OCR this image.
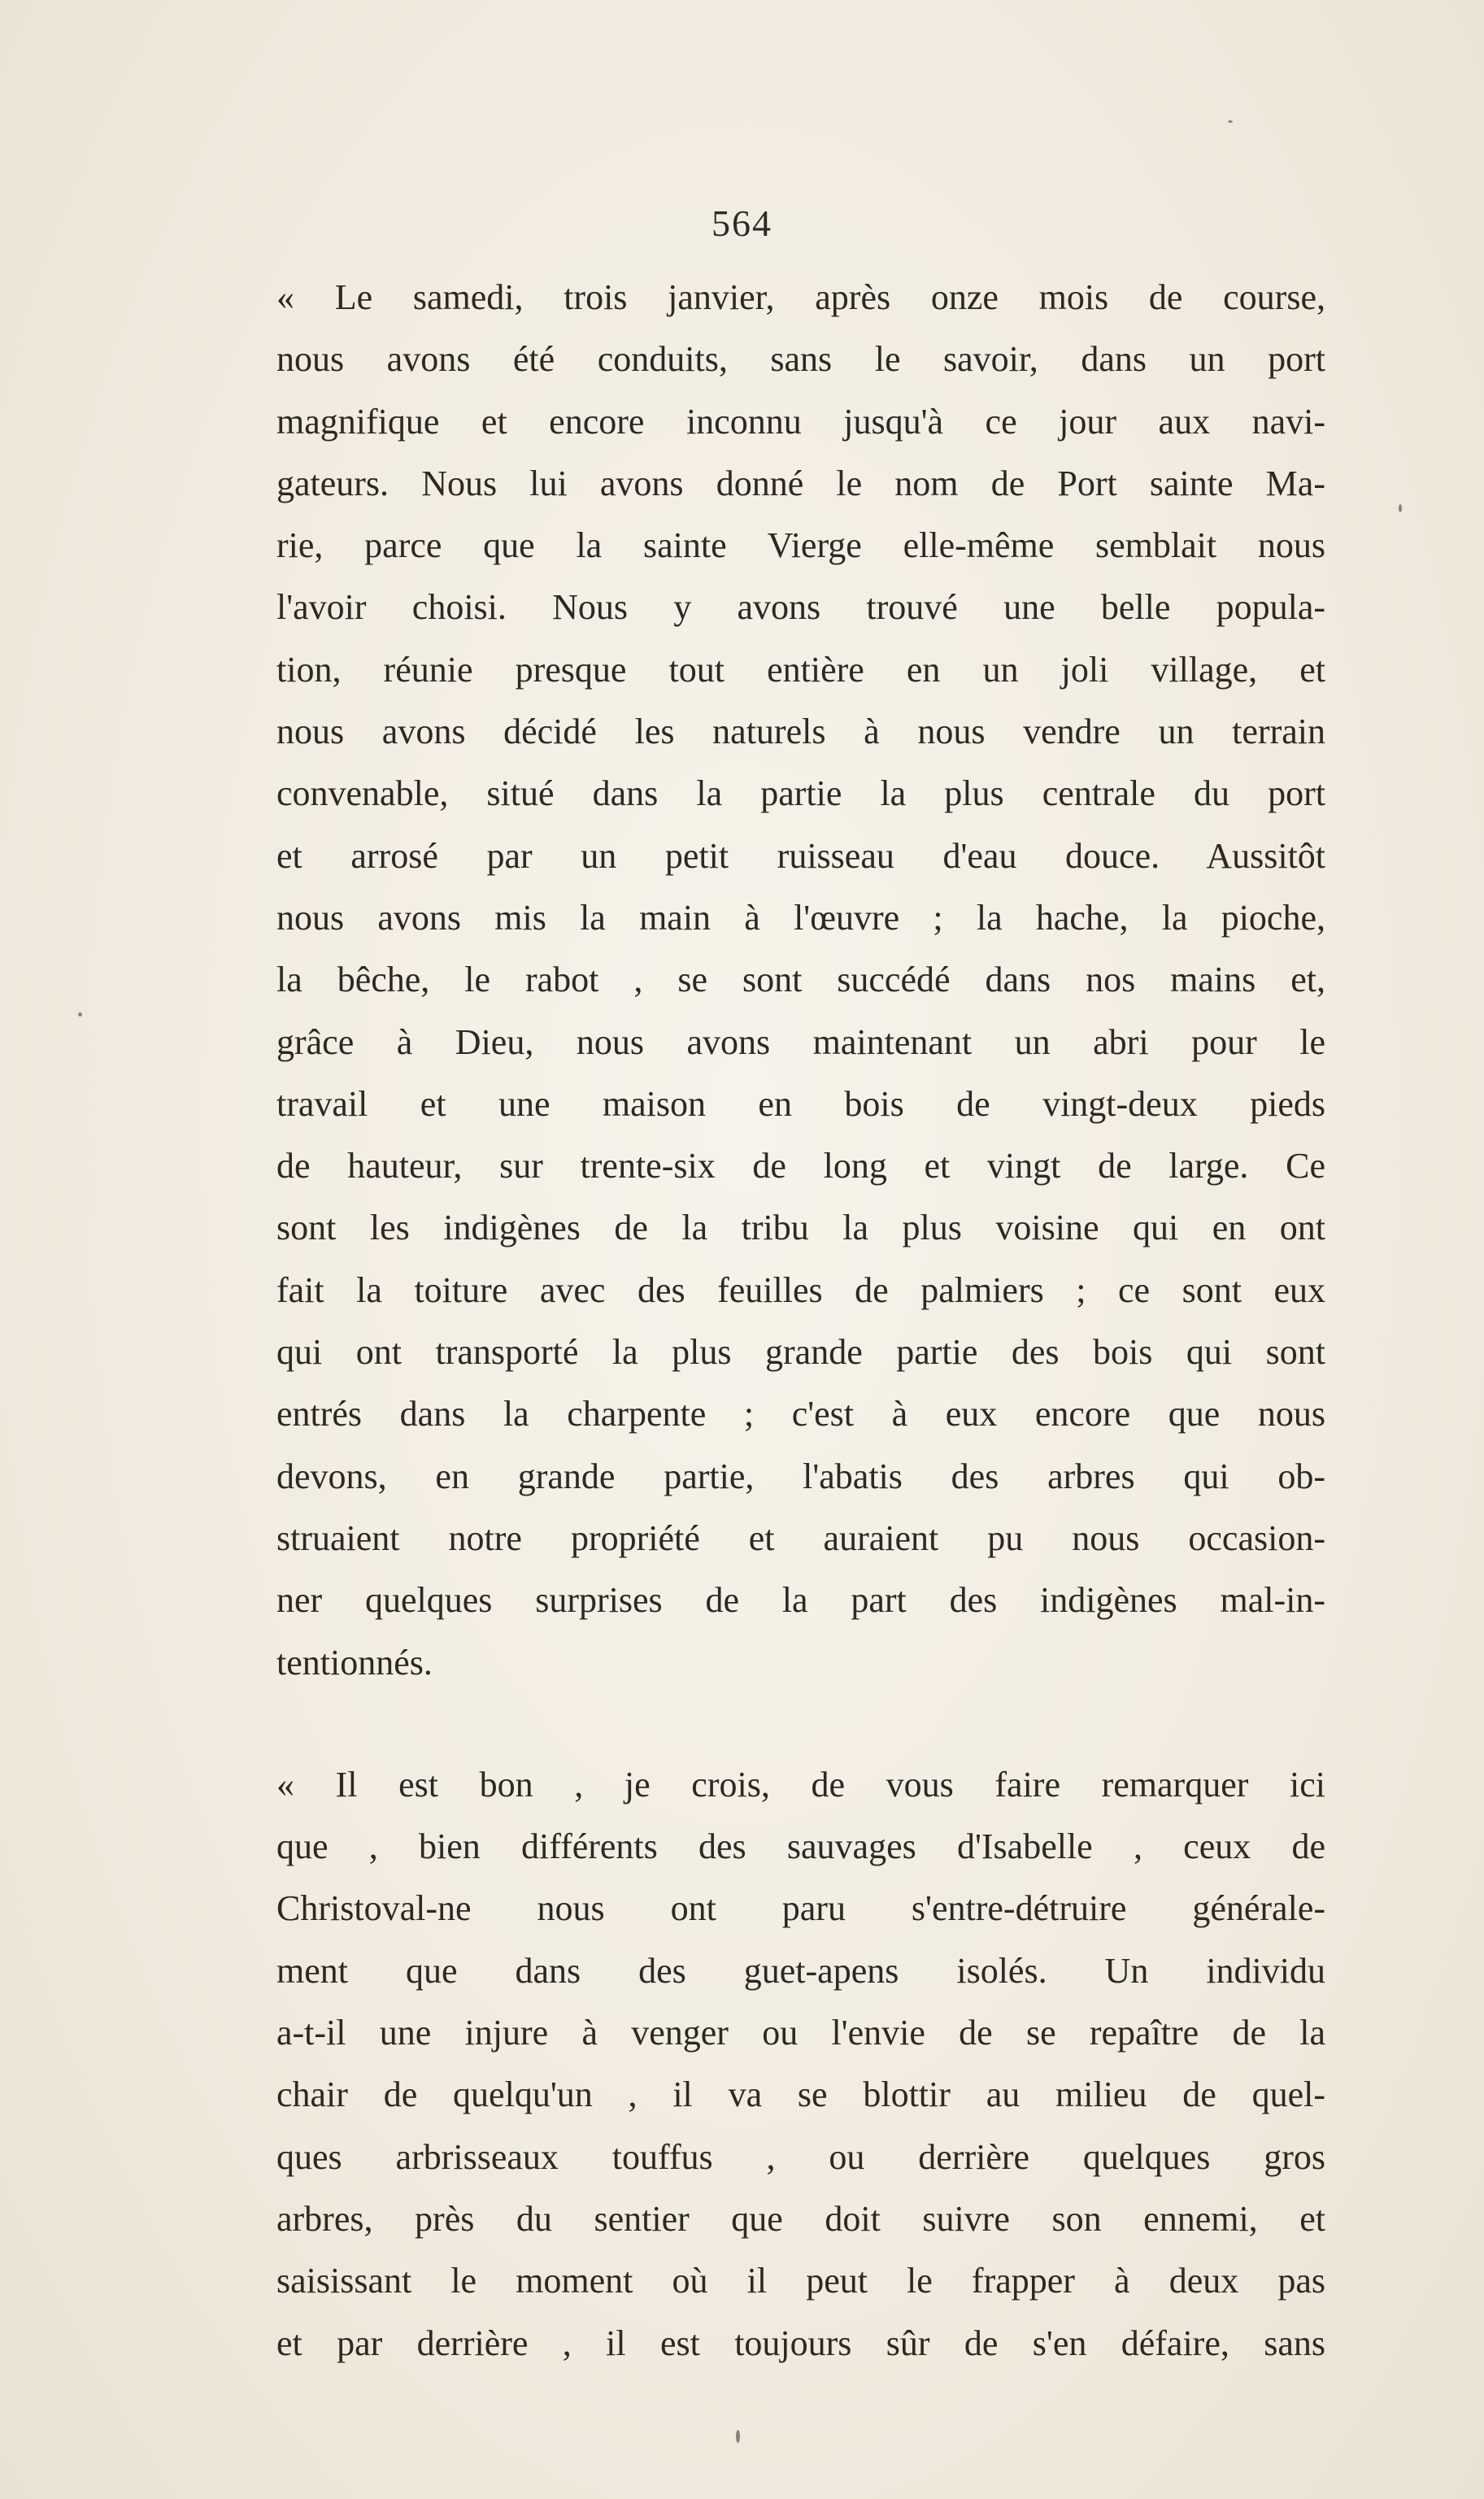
564
« Le samedi, trois janvier, après onze mois de course,
nous avons été conduits, sans le savoir, dans un port
magnifique et encore inconnu jusqu'à ce jour aux navi-
gateurs. Nous lui avons donné le nom de Port sainte Ma-
rie, parce que la sainte Vierge elle-même semblait nous
l'avoir choisi. Nous y avons trouvé une belle popula-
tion, réunie presque tout entière en un joli village, et
nous avons décidé les naturels à nous vendre un terrain
convenable, situé dans la partie la plus centrale du port
et arrosé par un petit ruisseau d'eau douce. Aussitôt
nous avons mis la main à l'œuvre ; la hache, la pioche,
la bêche, le rabot , se sont succédé dans nos mains et,
grâce à Dieu, nous avons maintenant un abri pour le
travail et une maison en bois de vingt-deux pieds
de hauteur, sur trente-six de long et vingt de large. Ce
sont les indigènes de la tribu la plus voisine qui en ont
fait la toiture avec des feuilles de palmiers ; ce sont eux
qui ont transporté la plus grande partie des bois qui sont
entrés dans la charpente ; c'est à eux encore que nous
devons, en grande partie, l'abatis des arbres qui ob-
struaient notre propriété et auraient pu nous occasion-
ner quelques surprises de la part des indigènes mal-in-
tentionnés.
« Il est bon , je crois, de vous faire remarquer ici
que , bien différents des sauvages d'Isabelle , ceux de
Christoval-ne nous ont paru s'entre-détruire générale-
ment que dans des guet-apens isolés. Un individu
a-t-il une injure à venger ou l'envie de se repaître de la
chair de quelqu'un , il va se blottir au milieu de quel-
ques arbrisseaux touffus , ou derrière quelques gros
arbres, près du sentier que doit suivre son ennemi, et
saisissant le moment où il peut le frapper à deux pas
et par derrière , il est toujours sûr de s'en défaire, sans
